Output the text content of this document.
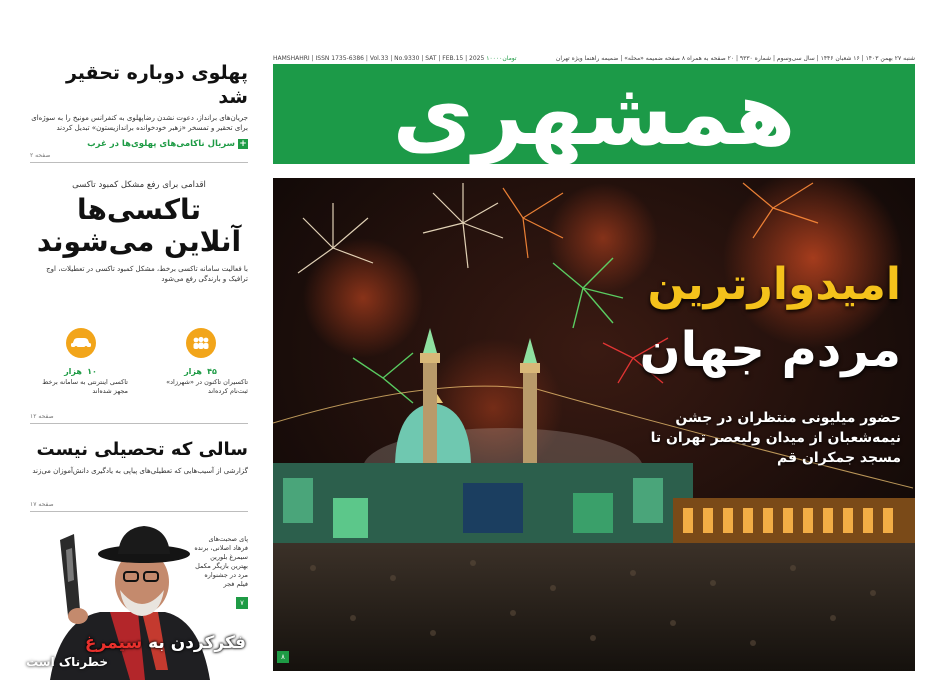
پهلوی دوباره تحقیر شد
جریان‌های برانداز، دعوت نشدن رضاپهلوی به کنفرانس مونیخ را به سوژه‌ای برای تحقیر و تمسخر «زهبر خودخوانده براندازیستون» تبدیل کردند
+سریال ناکامی‌های پهلوی‌ها در غرب
صفحه ۲
اقدامی برای رفع مشکل کمبود تاکسی
تاکسی‌ها
آنلاین می‌شوند
با فعالیت سامانه تاکسی برخط، مشکل کمبود تاکسی در تعطیلات، اوج ترافیک و بارندگی رفع می‌شود
۴۵ هزار
تاکسیران تاکنون در «شهرزاد» ثبت‌نام کرده‌اند
۱۰ هزار
تاکسی اینترنتی به سامانه برخط مجهز شده‌اند
صفحه ۱۲
سالی که تحصیلی نیست
گزارشی از آسیب‌هایی که تعطیلی‌های پیاپی به یادگیری دانش‌آموزان می‌زند
صفحه ۱۷
پای صحبت‌های فرهاد اصلانی، برنده سیمرغ بلورین بهترین بازیگر مکمل مرد در جشنواره فیلم فجر
۷
فکرکردن به سیمرغ
خطرناک است
HAMSHAHRI | ISSN 1735-6386 | Vol.33 | No.9330 | SAT | FEB.15 | 2025 ۱۰۰۰۰تومان	شنبه ۲۷ بهمن ۱۴۰۳ | ۱۶ شعبان ۱۴۴۶ | سال سی‌وسوم | شماره ۹۳۳۰ | ۲۰ صفحه به همراه ۸ صفحه ضمیمه «محله» | ضمیمه راهنما ویژه تهران
همشهری
امیدوارترین
مردم جهان
حضور میلیونی منتظران در جشن نیمه‌شعبان از میدان ولیعصر تهران تا مسجد جمکران قم
۸
